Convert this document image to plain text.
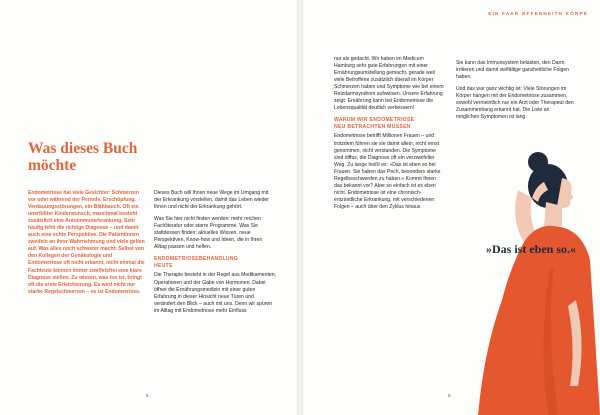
EIN FAAR OFFENHEITH KÖRPE
Was dieses Buch möchte

Endometriose hat viele Gesichter: Schmerzen vor oder während der Periode. Erschöpfung. Verdauungsstörungen, ein Blähbauch. Oft ein unerfüllter Kinderwunsch, manchmal besteht zusätzlich eine Autoimmunerkrankung. Sehr häufig fehlt die richtige Diagnose – und damit auch eine echte Perspektive. Die Patientinnen zweifeln an ihrer Wahrnehmung und viele geben auf. Was alles noch schwerer macht: Selbst von den Kollegen der Gynäkologie und Endometriose oft nicht erkannt, nicht einmal die Fachleute können immer zweifelsfrei eine klare Diagnose stellen. Zu wissen, was los ist, bringt oft die erste Erleichterung. Es wird nicht nur starke Regelschmerzen – es ist Endometriose.

Dieses Buch will Ihnen neue Wege im Umgang mit der Erkrankung vorstellen, damit das Leben wieder Ihnen und nicht der Erkrankung gehört.

Was Sie hier nicht finden werden: mehr reichen Fachliteratur oder starre Programme. Was Sie stattdessen finden: aktuelles Wissen, neue Perspektiven, Know-how und Ideen, die in Ihren Alltag passen und helfen.

ENDOMETRIOSEBEHANDLUNG

HEUTE

Die Therapie besteht in der Regel aus Medikamenten, Operationen und der Gabe von Hormonen. Dabei öffnet die Ernährungsmedizin mit einer guten Erfahrung in dieser Hinsicht neue Türen und verändert den Blick – auch mit uns. Denn wir spüren im Alltag mit Endometriose mehr Einfluss

nur als gedacht. Wir haben im Medicum Hamburg sehr gute Erfahrungen mit einer Ernährungsumstellung gemacht, gerade weil viele Betroffene zusätzlich überall im Körper Schmerzen haben und Symptome wie bei einem Reizdarmsyndrom aufweisen. Unsere Erfahrung zeigt: Ernährung kann bei Endometriose die Lebensqualität deutlich verbessern!

WARUM WIR ENDOMETRIOSE

NEU BETRACHTEN MÜSSEN

Endometriose betrifft Millionen Frauen – und trotzdem führen sie sie damit allein, nicht ernst genommen, nicht verstanden. Die Symptome sind diffus, die Diagnose oft ein verzweifelter Weg. Zu lange heißt es: »Das ist eben so bei Frauen. Sie haben das Pech, besonders starke Regelbeschwerden zu haben.« Kommt Ihnen das bekannt vor? Aber so einfach ist es eben nicht. Endometriose ist eine chronisch-entzündliche Erkrankung, mit verschiedenen Folgen – auch über den Zyklus hinaus

Sie kann das Immunsystem belasten, den Darm irritieren und damit vielfältige ganzheitliche Folgen haben.

Und das war ganz wichtig ist: Viele Störungen im Körper hängen mit der Endometriose zusammen, sowohl vermeintlich nur ein Arzt oder Therapeut den Zusammenhang erkannt hat. Die Liste an möglichen Symptomen ist lang.

»Das ist eben so.«
8	9
